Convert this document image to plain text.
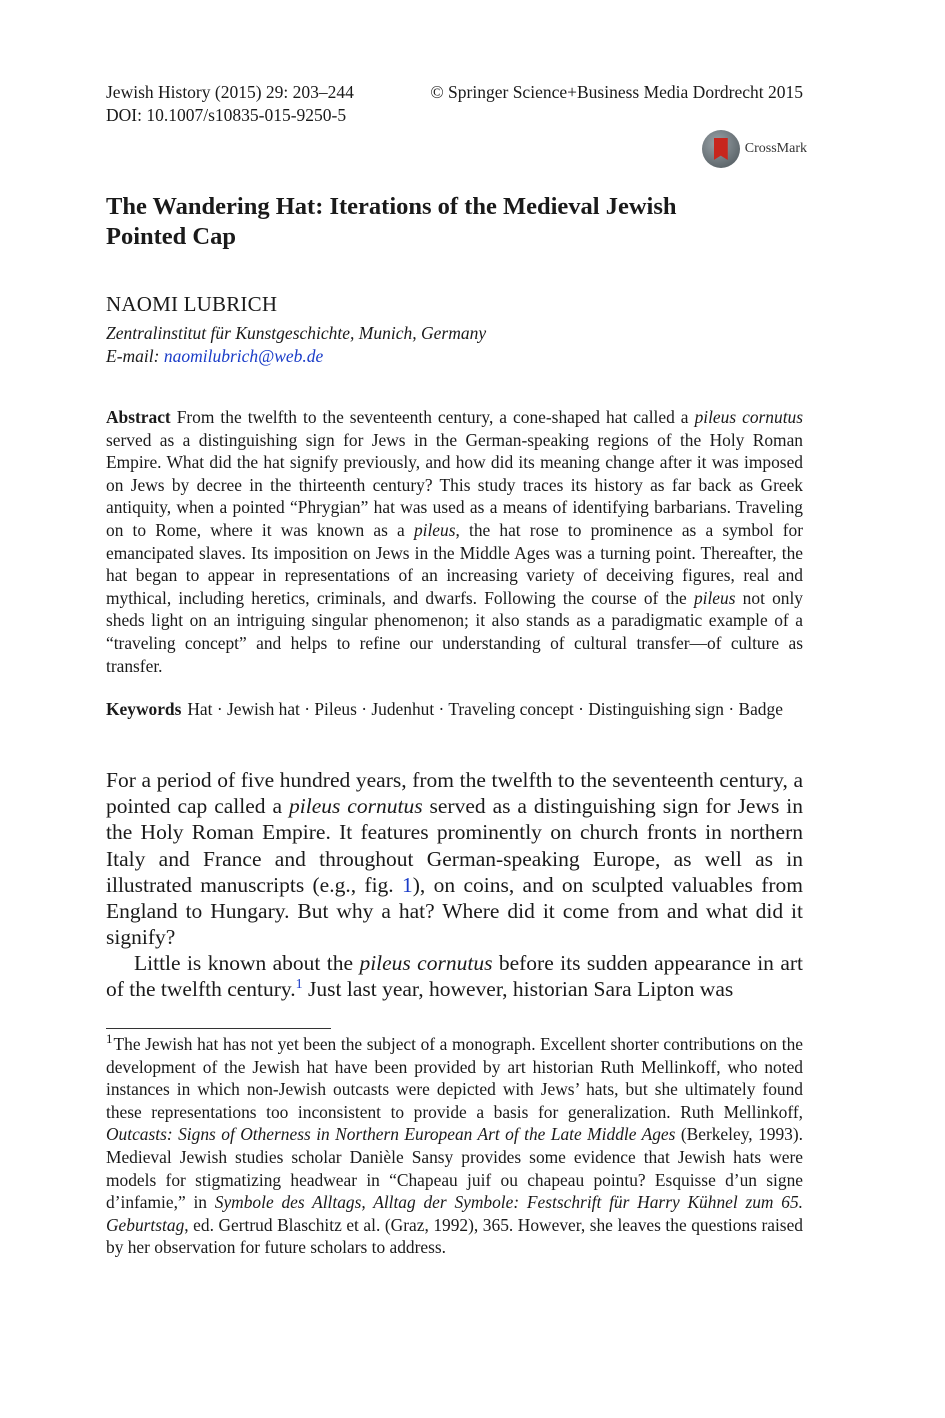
Jewish History (2015) 29: 203–244	© Springer Science+Business Media Dordrecht 2015
DOI: 10.1007/s10835-015-9250-5
CrossMark
The Wandering Hat: Iterations of the Medieval Jewish Pointed Cap
NAOMI LUBRICH
Zentralinstitut für Kunstgeschichte, Munich, Germany
E-mail: naomilubrich@web.de

Abstract From the twelfth to the seventeenth century, a cone-shaped hat called a pileus cornutus served as a distinguishing sign for Jews in the German-speaking regions of the Holy Roman Empire. What did the hat signify previously, and how did its meaning change after it was imposed on Jews by decree in the thirteenth century? This study traces its history as far back as Greek antiquity, when a pointed “Phrygian” hat was used as a means of identifying barbarians. Traveling on to Rome, where it was known as a pileus, the hat rose to prominence as a symbol for emancipated slaves. Its imposition on Jews in the Middle Ages was a turning point. Thereafter, the hat began to appear in representations of an increasing variety of deceiving figures, real and mythical, including heretics, criminals, and dwarfs. Following the course of the pileus not only sheds light on an intriguing singular phenomenon; it also stands as a paradigmatic example of a “traveling concept” and helps to refine our understanding of cultural transfer—of culture as transfer.

Keywords Hat · Jewish hat · Pileus · Judenhut · Traveling concept · Distinguishing sign · Badge

For a period of five hundred years, from the twelfth to the seventeenth century, a pointed cap called a pileus cornutus served as a distinguishing sign for Jews in the Holy Roman Empire. It features prominently on church fronts in northern Italy and France and throughout German-speaking Europe, as well as in illustrated manuscripts (e.g., fig. 1), on coins, and on sculpted valuables from England to Hungary. But why a hat? Where did it come from and what did it signify?

Little is known about the pileus cornutus before its sudden appearance in art of the twelfth century.$^1$ Just last year, however, historian Sara Lipton was

$^1$The Jewish hat has not yet been the subject of a monograph. Excellent shorter contributions on the development of the Jewish hat have been provided by art historian Ruth Mellinkoff, who noted instances in which non-Jewish outcasts were depicted with Jews’ hats, but she ultimately found these representations too inconsistent to provide a basis for generalization. Ruth Mellinkoff, Outcasts: Signs of Otherness in Northern European Art of the Late Middle Ages (Berkeley, 1993). Medieval Jewish studies scholar Danièle Sansy provides some evidence that Jewish hats were models for stigmatizing headwear in “Chapeau juif ou chapeau pointu? Esquisse d’un signe d’infamie,” in Symbole des Alltags, Alltag der Symbole: Festschrift für Harry Kühnel zum 65. Geburtstag, ed. Gertrud Blaschitz et al. (Graz, 1992), 365. However, she leaves the questions raised by her observation for future scholars to address.
